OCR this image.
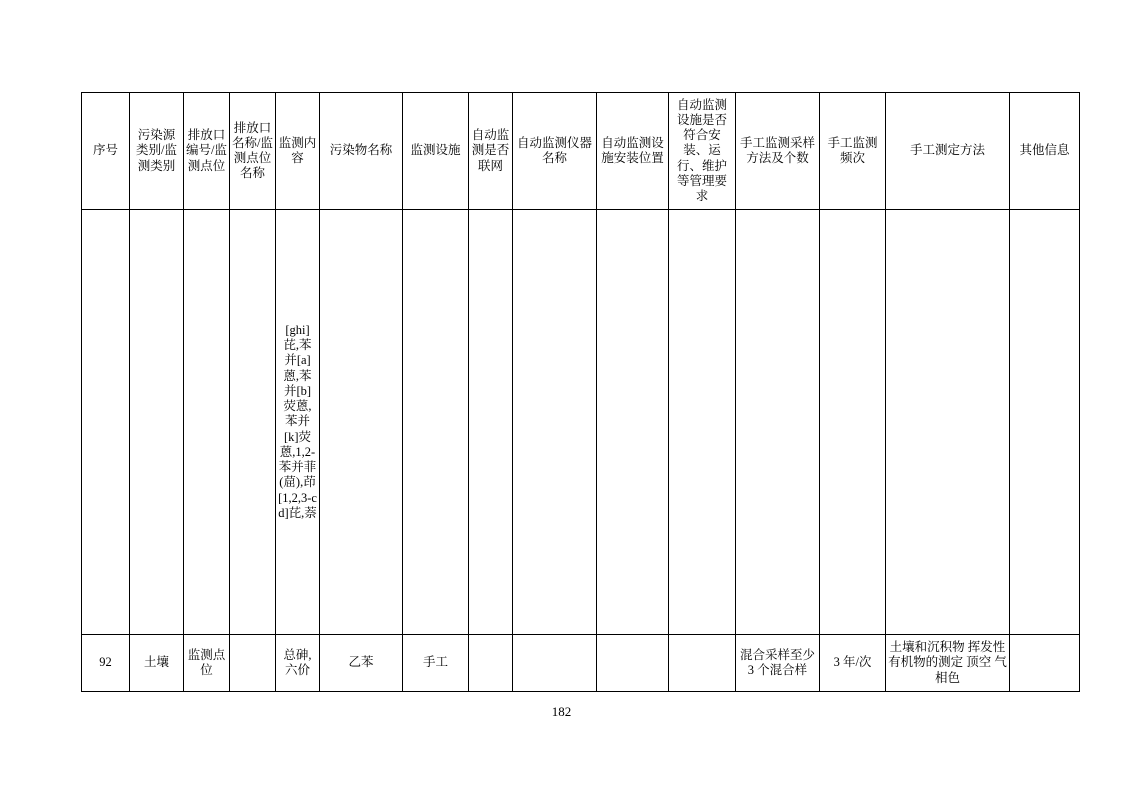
序号	污染源类别/监测类别	排放口编号/监测点位	排放口名称/监测点位名称	监测内容	污染物名称	监测设施	自动监测是否联网	自动监测仪器名称	自动监测设施安装位置	自动监测设施是否符合安装、运行、维护等管理要求	手工监测采样方法及个数	手工监测频次	手工测定方法	其他信息
				[ghi]芘,苯并[a]蒽,苯并[b]荧蒽,苯并[k]荧蒽,1,2-苯并菲(䓛),茚[1,2,3-cd]芘,萘										
92	土壤	监测点位		总砷,六价	乙苯	手工					混合采样至少 3 个混合样	3 年/次	土壤和沉积物 挥发性有机物的测定 顶空 气相色	
182
